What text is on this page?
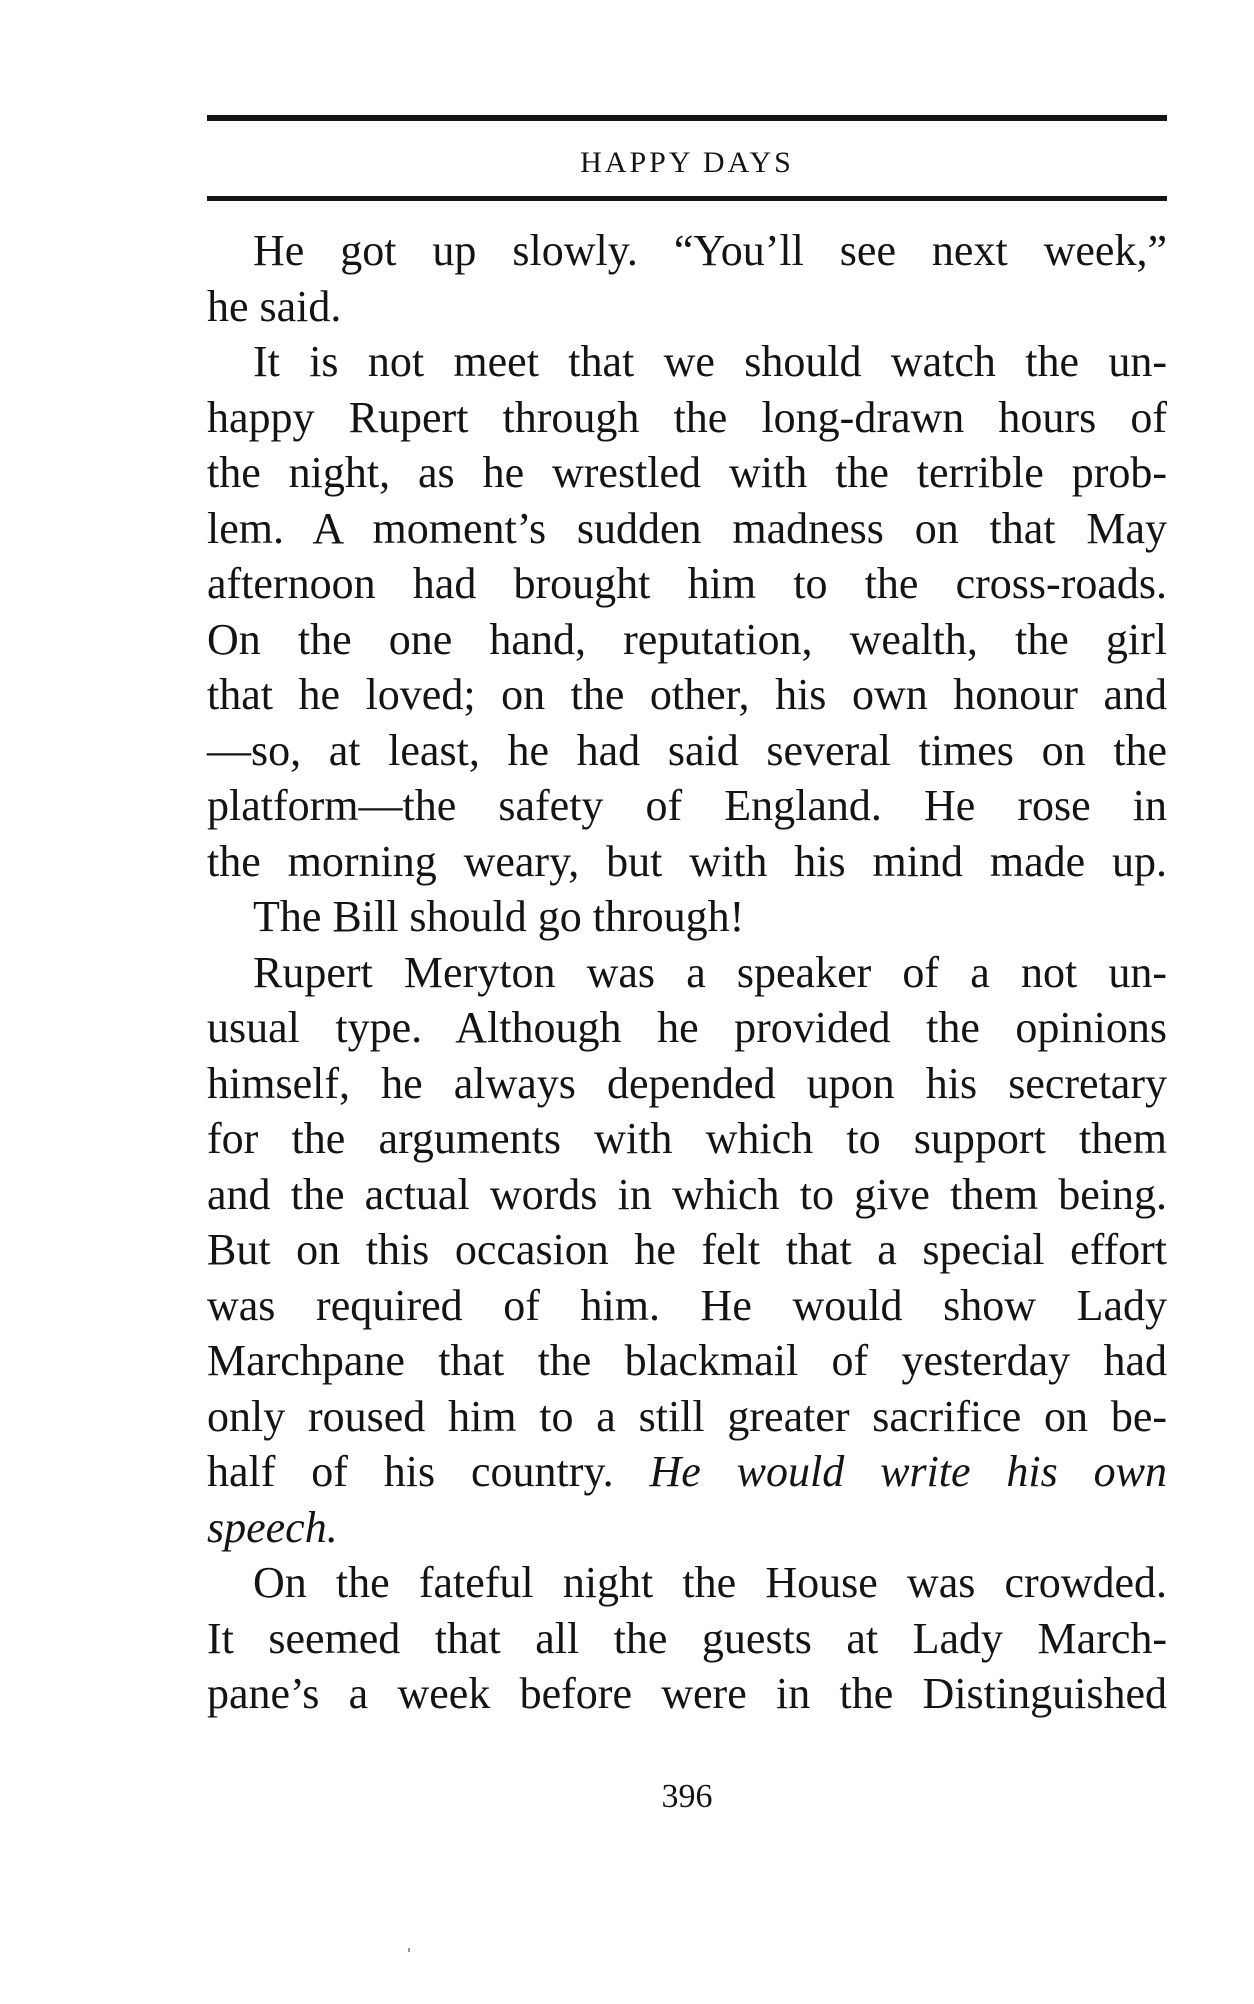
HAPPY DAYS
He got up slowly. “You’ll see next week,”
he said.
It is not meet that we should watch the un-
happy Rupert through the long-drawn hours of
the night, as he wrestled with the terrible prob-
lem. A moment’s sudden madness on that May
afternoon had brought him to the cross-roads.
On the one hand, reputation, wealth, the girl
that he loved; on the other, his own honour and
—so, at least, he had said several times on the
platform—the safety of England. He rose in
the morning weary, but with his mind made up.
The Bill should go through!
Rupert Meryton was a speaker of a not un-
usual type. Although he provided the opinions
himself, he always depended upon his secretary
for the arguments with which to support them
and the actual words in which to give them being.
But on this occasion he felt that a special effort
was required of him. He would show Lady
Marchpane that the blackmail of yesterday had
only roused him to a still greater sacrifice on be-
half of his country. He would write his own
speech.
On the fateful night the House was crowded.
It seemed that all the guests at Lady March-
pane’s a week before were in the Distinguished
396
